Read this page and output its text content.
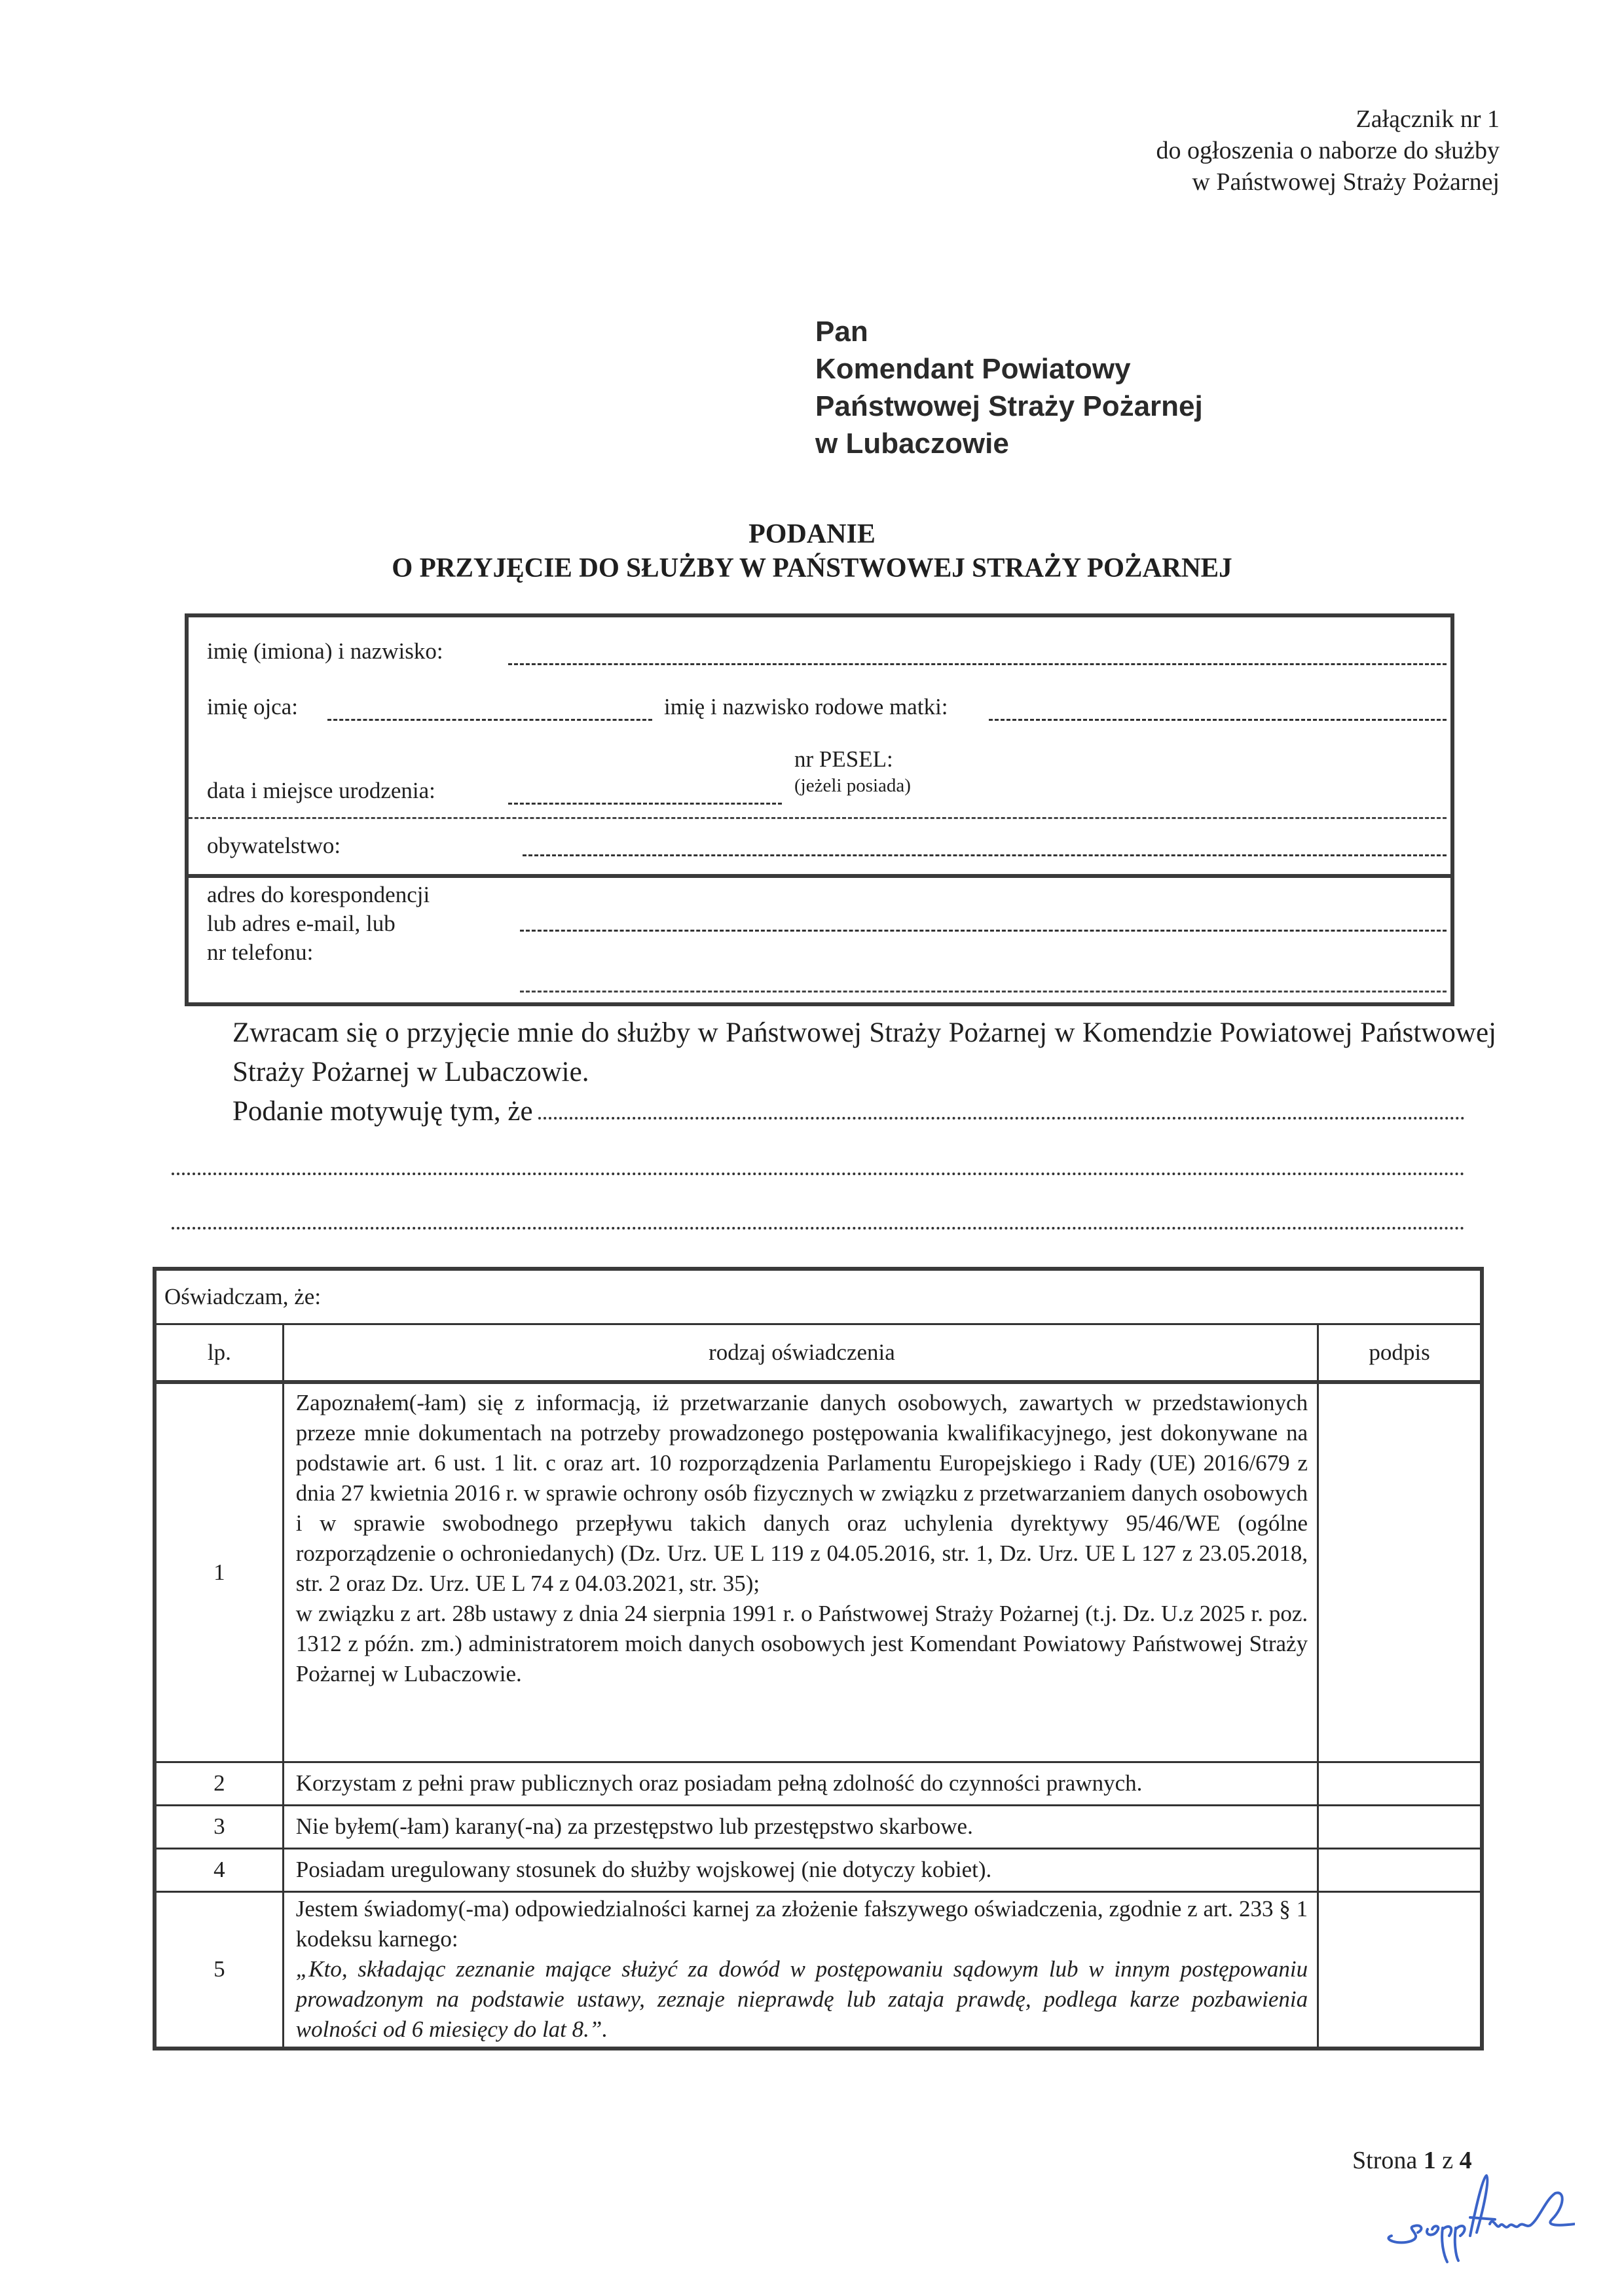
Załącznik nr 1
do ogłoszenia o naborze do służby
w Państwowej Straży Pożarnej
Pan
Komendant Powiatowy
Państwowej Straży Pożarnej
w Lubaczowie
PODANIE
O PRZYJĘCIE DO SŁUŻBY W PAŃSTWOWEJ STRAŻY POŻARNEJ
imię (imiona) i nazwisko:
imię ojca:	imię i nazwisko rodowe matki:
data i miejsce urodzenia:
nr PESEL:
(jeżeli posiada)
obywatelstwo:
adres do korespondencji
lub adres e-mail, lub
nr telefonu:
Zwracam się o przyjęcie mnie do służby w Państwowej Straży Pożarnej w Komendzie Powiatowej Państwowej Straży Pożarnej w Lubaczowie.
Podanie motywuję tym, że
Oświadczam, że:		
lp.	rodzaj oświadczenia	podpis
1	Zapoznałem(-łam) się z informacją, iż przetwarzanie danych osobowych, zawartych w przedstawionych przeze mnie dokumentach na potrzeby prowadzonego postępowania kwalifikacyjnego, jest dokonywane na podstawie art. 6 ust. 1 lit. c oraz art. 10 rozporządzenia Parlamentu Europejskiego i Rady (UE) 2016/679 z dnia 27 kwietnia 2016 r. w sprawie ochrony osób fizycznych w związku z przetwarzaniem danych osobowych i w sprawie swobodnego przepływu takich danych oraz uchylenia dyrektywy 95/46/WE (ogólne rozporządzenie o ochroniedanych) (Dz. Urz. UE L 119 z 04.05.2016, str. 1, Dz. Urz. UE L 127 z 23.05.2018, str. 2 oraz Dz. Urz. UE L 74 z 04.03.2021, str. 35);
w związku z art. 28b ustawy z dnia 24 sierpnia 1991 r. o Państwowej Straży Pożarnej (t.j. Dz. U.z 2025 r. poz. 1312 z późn. zm.) administratorem moich danych osobowych jest Komendant Powiatowy Państwowej Straży Pożarnej w Lubaczowie.	

2	Korzystam z pełni praw publicznych oraz posiadam pełną zdolność do czynności prawnych.	
3	Nie byłem(-łam) karany(-na) za przestępstwo lub przestępstwo skarbowe.	
4	Posiadam uregulowany stosunek do służby wojskowej (nie dotyczy kobiet).	
5	Jestem świadomy(-ma) odpowiedzialności karnej za złożenie fałszywego oświadczenia, zgodnie z art. 233 § 1 kodeksu karnego:
„Kto, składając zeznanie mające służyć za dowód w postępowaniu sądowym lub w innym postępowaniu prowadzonym na podstawie ustawy, zeznaje nieprawdę lub zataja prawdę, podlega karze pozbawienia wolności od 6 miesięcy do lat 8.”.	

Strona 1 z 4
